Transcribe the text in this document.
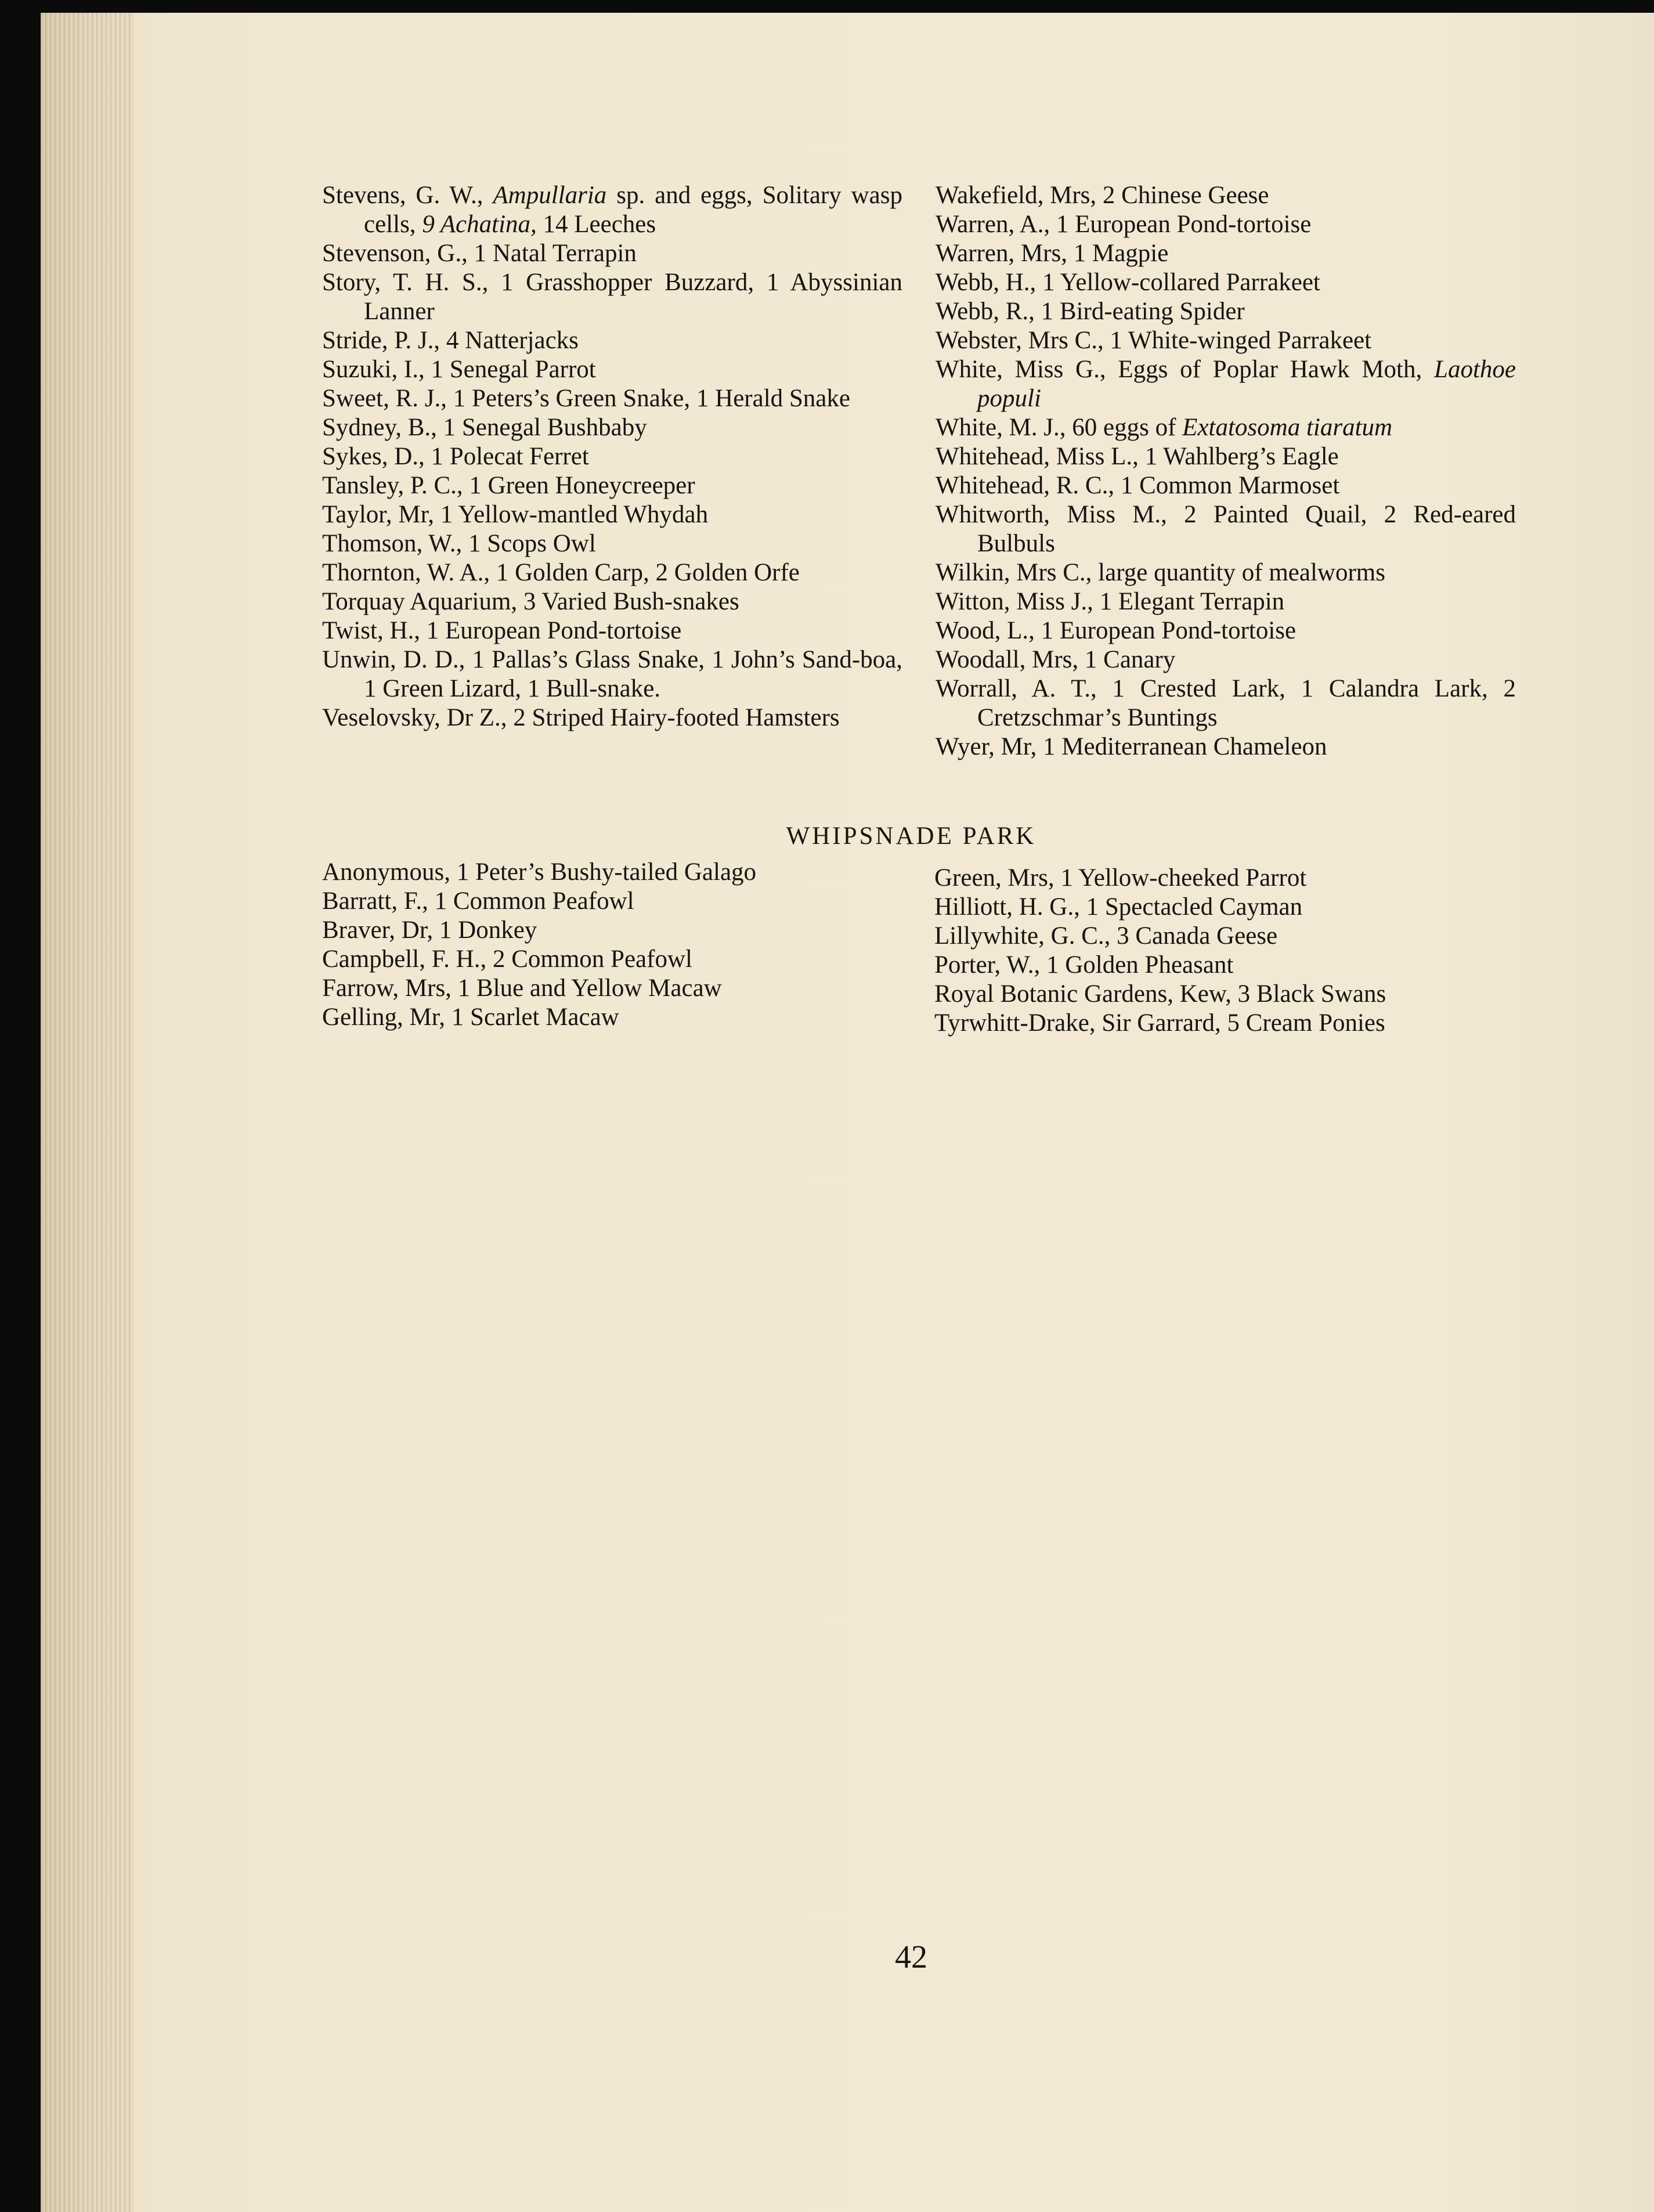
Stevens, G. W., Ampullaria sp. and eggs, Solitary wasp cells, 9 Achatina, 14 Leeches
Stevenson, G., 1 Natal Terrapin
Story, T. H. S., 1 Grasshopper Buzzard, 1 Abyssinian Lanner
Stride, P. J., 4 Natterjacks
Suzuki, I., 1 Senegal Parrot
Sweet, R. J., 1 Peters’s Green Snake, 1 Herald Snake
Sydney, B., 1 Senegal Bushbaby
Sykes, D., 1 Polecat Ferret
Tansley, P. C., 1 Green Honeycreeper
Taylor, Mr, 1 Yellow-mantled Whydah
Thomson, W., 1 Scops Owl
Thornton, W. A., 1 Golden Carp, 2 Golden Orfe
Torquay Aquarium, 3 Varied Bush-snakes
Twist, H., 1 European Pond-tortoise
Unwin, D. D., 1 Pallas’s Glass Snake, 1 John’s Sand-boa, 1 Green Lizard, 1 Bull-snake.
Veselovsky, Dr Z., 2 Striped Hairy-footed Hamsters
Wakefield, Mrs, 2 Chinese Geese
Warren, A., 1 European Pond-tortoise
Warren, Mrs, 1 Magpie
Webb, H., 1 Yellow-collared Parrakeet
Webb, R., 1 Bird-eating Spider
Webster, Mrs C., 1 White-winged Parrakeet
White, Miss G., Eggs of Poplar Hawk Moth, Laothoe populi
White, M. J., 60 eggs of Extatosoma tiaratum
Whitehead, Miss L., 1 Wahlberg’s Eagle
Whitehead, R. C., 1 Common Marmoset
Whitworth, Miss M., 2 Painted Quail, 2 Red-eared Bulbuls
Wilkin, Mrs C., large quantity of mealworms
Witton, Miss J., 1 Elegant Terrapin
Wood, L., 1 European Pond-tortoise
Woodall, Mrs, 1 Canary
Worrall, A. T., 1 Crested Lark, 1 Calandra Lark, 2 Cretzschmar’s Buntings
Wyer, Mr, 1 Mediterranean Chameleon
WHIPSNADE PARK
Anonymous, 1 Peter’s Bushy-tailed Galago
Barratt, F., 1 Common Peafowl
Braver, Dr, 1 Donkey
Campbell, F. H., 2 Common Peafowl
Farrow, Mrs, 1 Blue and Yellow Macaw
Gelling, Mr, 1 Scarlet Macaw
Green, Mrs, 1 Yellow-cheeked Parrot
Hilliott, H. G., 1 Spectacled Cayman
Lillywhite, G. C., 3 Canada Geese
Porter, W., 1 Golden Pheasant
Royal Botanic Gardens, Kew, 3 Black Swans
Tyrwhitt-Drake, Sir Garrard, 5 Cream Ponies
42
